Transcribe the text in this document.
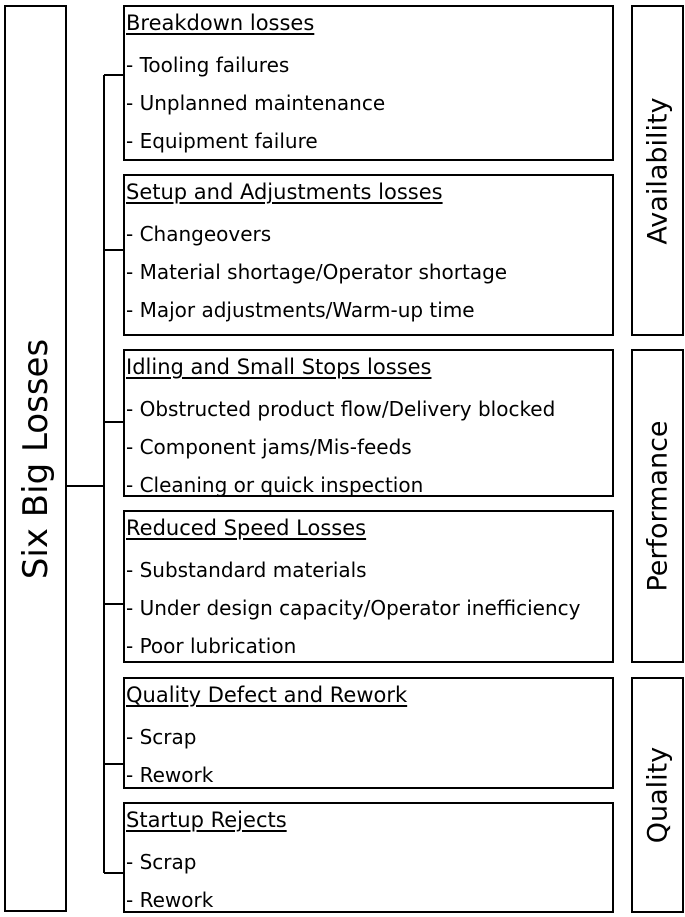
Six Big Losses
Breakdown losses
- Tooling failures
- Unplanned maintenance
- Equipment failure
Setup and Adjustments losses
- Changeovers
- Material shortage/Operator shortage
- Major adjustments/Warm-up time
Idling and Small Stops losses
- Obstructed product flow/Delivery blocked
- Component jams/Mis-feeds
- Cleaning or quick inspection
Reduced Speed Losses
- Substandard materials
- Under design capacity/Operator inefficiency
- Poor lubrication
Quality Defect and Rework
- Scrap
- Rework
Startup Rejects
- Scrap
- Rework
Availability
Performance
Quality
